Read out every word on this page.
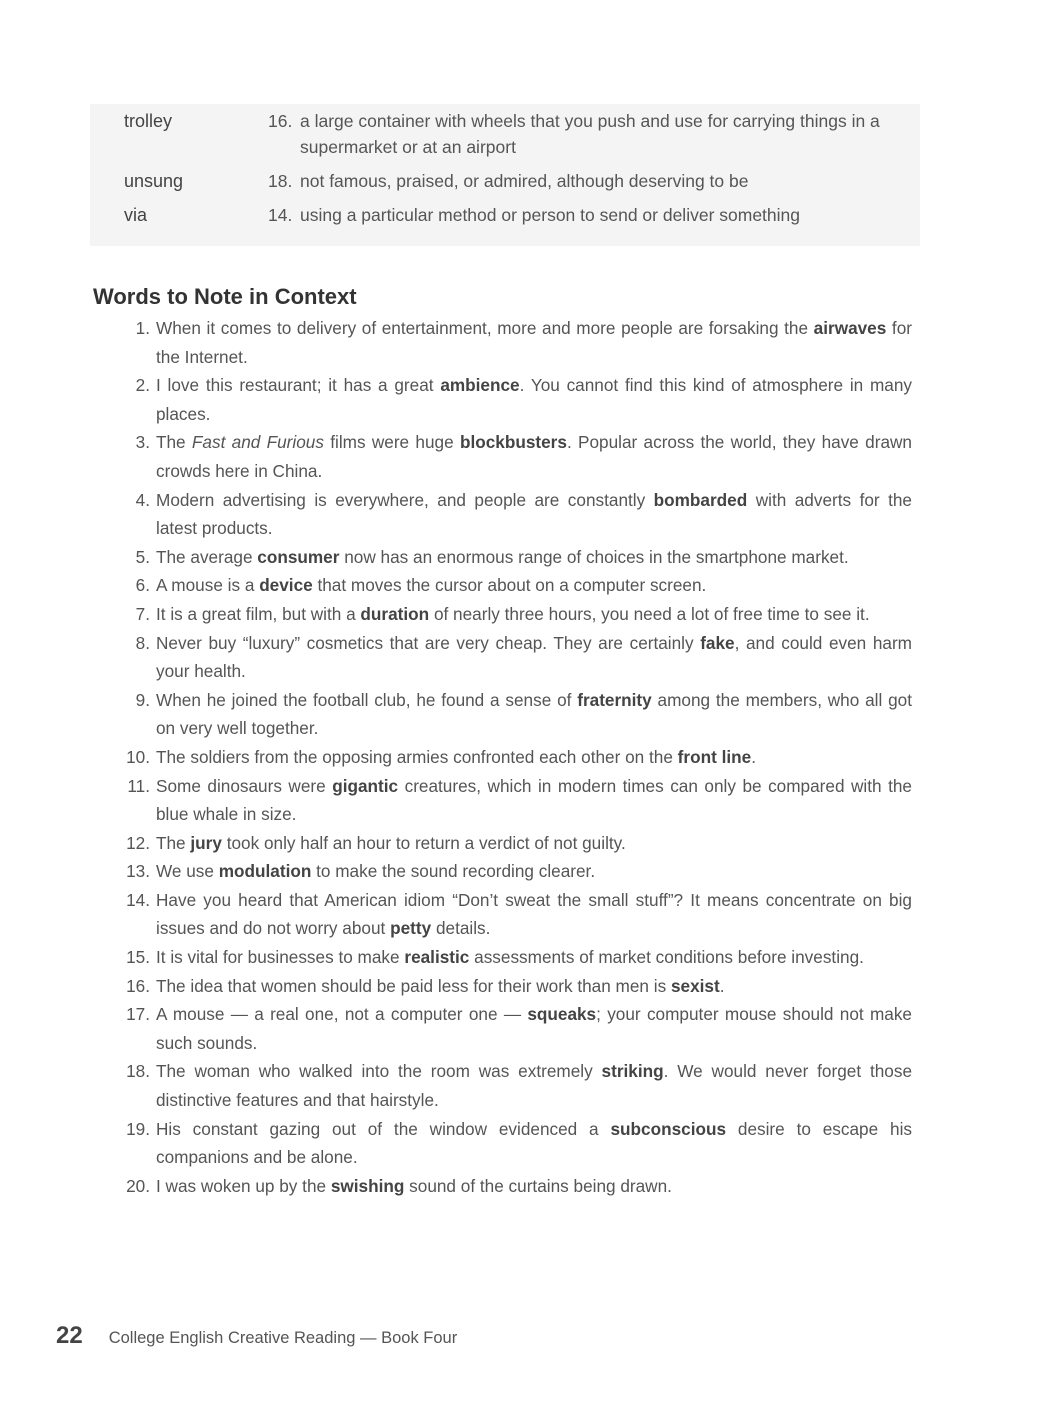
trolley	16. a large container with wheels that you push and use for carrying things in a supermarket or at an airport
unsung	18. not famous, praised, or admired, although deserving to be
via	14. using a particular method or person to send or deliver something
Words to Note in Context
1. When it comes to delivery of entertainment, more and more people are forsaking the airwaves for the Internet.
2. I love this restaurant; it has a great ambience. You cannot find this kind of atmosphere in many places.
3. The Fast and Furious films were huge blockbusters. Popular across the world, they have drawn crowds here in China.
4. Modern advertising is everywhere, and people are constantly bombarded with adverts for the latest products.
5. The average consumer now has an enormous range of choices in the smartphone market.
6. A mouse is a device that moves the cursor about on a computer screen.
7. It is a great film, but with a duration of nearly three hours, you need a lot of free time to see it.
8. Never buy “luxury” cosmetics that are very cheap. They are certainly fake, and could even harm your health.
9. When he joined the football club, he found a sense of fraternity among the members, who all got on very well together.
10. The soldiers from the opposing armies confronted each other on the front line.
11. Some dinosaurs were gigantic creatures, which in modern times can only be compared with the blue whale in size.
12. The jury took only half an hour to return a verdict of not guilty.
13. We use modulation to make the sound recording clearer.
14. Have you heard that American idiom “Don’t sweat the small stuff”? It means concentrate on big issues and do not worry about petty details.
15. It is vital for businesses to make realistic assessments of market conditions before investing.
16. The idea that women should be paid less for their work than men is sexist.
17. A mouse — a real one, not a computer one — squeaks; your computer mouse should not make such sounds.
18. The woman who walked into the room was extremely striking. We would never forget those distinctive features and that hairstyle.
19. His constant gazing out of the window evidenced a subconscious desire to escape his companions and be alone.
20. I was woken up by the swishing sound of the curtains being drawn.
22 College English Creative Reading — Book Four
